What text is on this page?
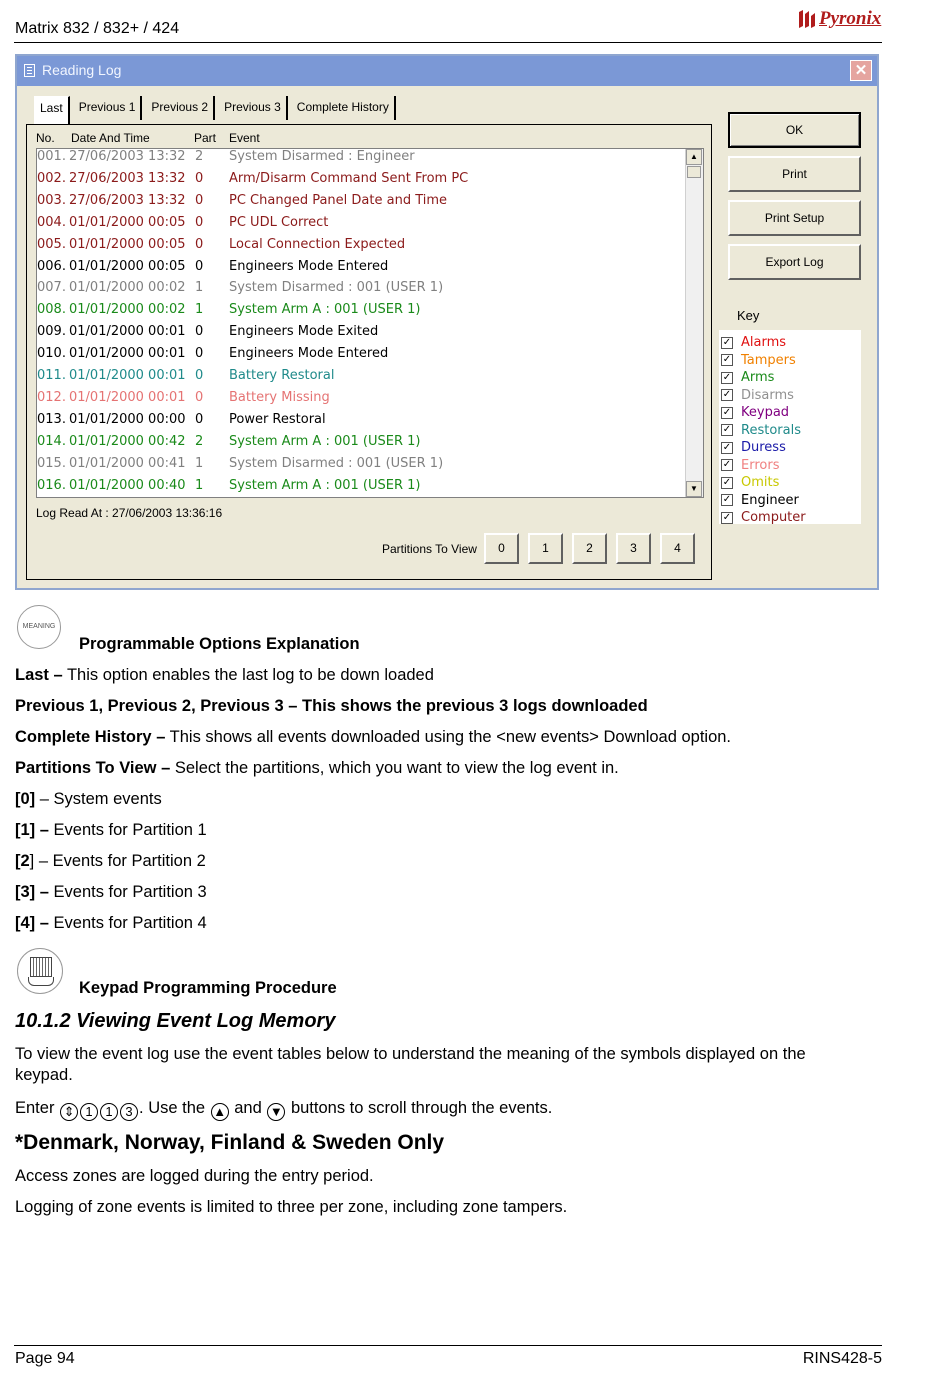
Matrix 832 / 832+ / 424	Pyronix
Reading Log	✕
Last	Previous 1	Previous 2	Previous 3	Complete History
No. Date And Time	Part Event
001. 27/06/2003 13:32 2 System Disarmed : Engineer
002. 27/06/2003 13:32 0 Arm/Disarm Command Sent From PC
003. 27/06/2003 13:32 0 PC Changed Panel Date and Time
004. 01/01/2000 00:05 0 PC UDL Correct
005. 01/01/2000 00:05 0 Local Connection Expected
006. 01/01/2000 00:05 0 Engineers Mode Entered
007. 01/01/2000 00:02 1 System Disarmed : 001 (USER 1)
008. 01/01/2000 00:02 1 System Arm A : 001 (USER 1)
009. 01/01/2000 00:01 0 Engineers Mode Exited
010. 01/01/2000 00:01 0 Engineers Mode Entered
011. 01/01/2000 00:01 0 Battery Restoral
012. 01/01/2000 00:01 0 Battery Missing
013. 01/01/2000 00:00 0 Power Restoral
014. 01/01/2000 00:42 2 System Arm A : 001 (USER 1)
015. 01/01/2000 00:41 1 System Disarmed : 001 (USER 1)
016. 01/01/2000 00:40 1 System Arm A : 001 (USER 1)
▲
▼
Log Read At : 27/06/2003 13:36:16
Partitions To View	0	1	2	3	4
OK
Print
Print Setup
Export Log
Key
✓ Alarms
✓ Tampers
✓ Arms
✓ Disarms
✓ Keypad
✓ Restorals
✓ Duress
✓ Errors
✓ Omits
✓ Engineer
✓ Computer
MEANING
Programmable Options Explanation
Last – This option enables the last log to be down loaded
Previous 1, Previous 2, Previous 3 – This shows the previous 3 logs downloaded
Complete History – This shows all events downloaded using the <new events> Download option.
Partitions To View – Select the partitions, which you want to view the log event in.
[0] – System events
[1] – Events for Partition 1
[2] – Events for Partition 2
[3] – Events for Partition 3
[4] – Events for Partition 4
Keypad Programming Procedure
10.1.2 Viewing Event Log Memory
To view the event log use the event tables below to understand the meaning of the symbols displayed on the
keypad.
Enter ⇕ 1 1 3 . Use the ▲ and ▼ buttons to scroll through the events.
*Denmark, Norway, Finland & Sweden Only
Access zones are logged during the entry period.
Logging of zone events is limited to three per zone, including zone tampers.
Page 94	RINS428-5
